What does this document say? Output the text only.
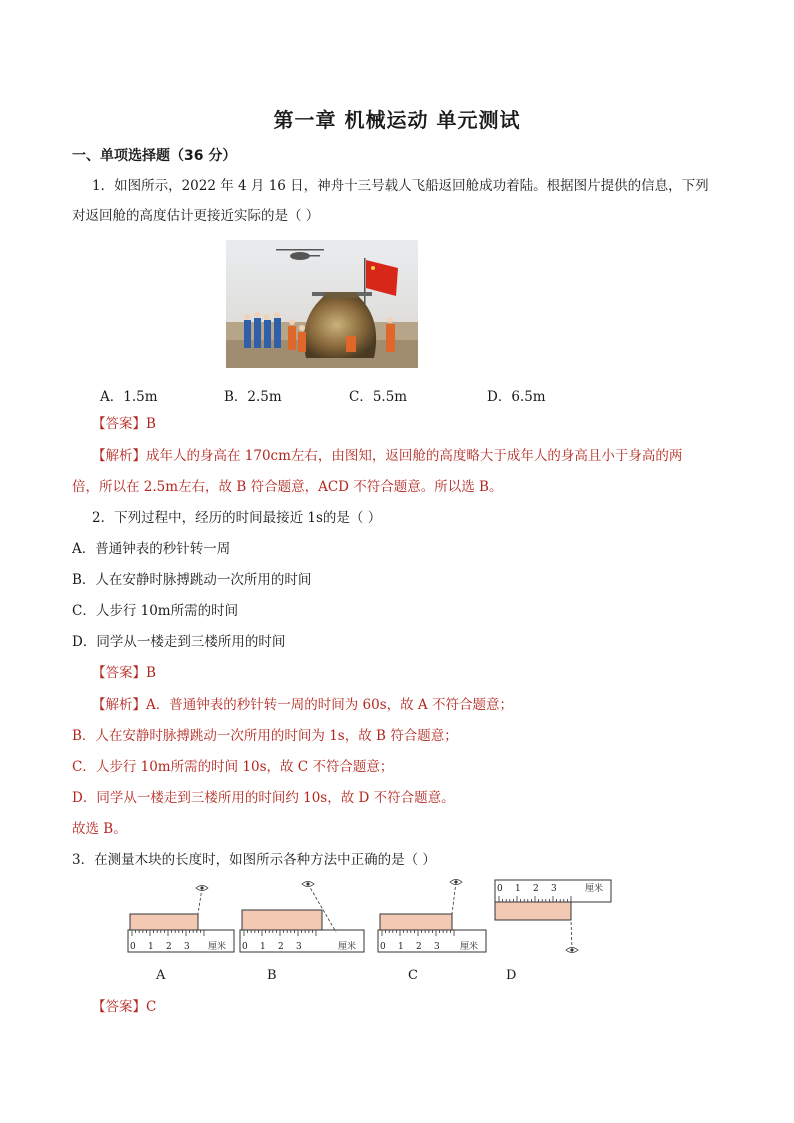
第一章 机械运动 单元测试
一、单项选择题（36 分）
1．如图所示，2022 年 4 月 16 日，神舟十三号载人飞船返回舱成功着陆。根据图片提供的信息，下列
对返回舱的高度估计更接近实际的是（ ）
A．1.5m	B．2.5m	C．5.5m	D．6.5m
【答案】B
【解析】成年人的身高在 170cm左右，由图知，返回舱的高度略大于成年人的身高且小于身高的两
倍，所以在 2.5m左右，故 B 符合题意，ACD 不符合题意。所以选 B。
2．下列过程中，经历的时间最接近 1s的是（ ）
A．普通钟表的秒针转一周
B．人在安静时脉搏跳动一次所用的时间
C．人步行 10m所需的时间
D．同学从一楼走到三楼所用的时间
【答案】B
【解析】A．普通钟表的秒针转一周的时间为 60s，故 A 不符合题意；
B．人在安静时脉搏跳动一次所用的时间为 1s，故 B 符合题意；
C．人步行 10m所需的时间 10s，故 C 不符合题意；
D．同学从一楼走到三楼所用的时间约 10s，故 D 不符合题意。
故选 B。
3．在测量木块的长度时，如图所示各种方法中正确的是（ ）
0 1 2 3 厘米 0 1 2 3	厘米	0 1 2 3 厘米
0 1 2 3	厘米
A	B	C	D
【答案】C
